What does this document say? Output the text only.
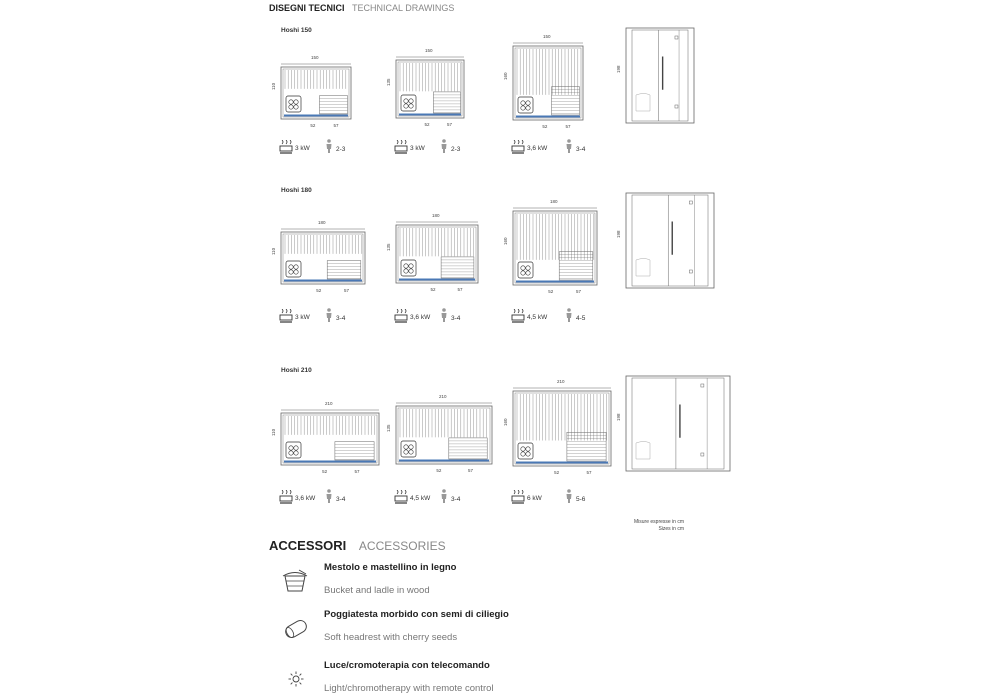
DISEGNI TECNICI TECHNICAL DRAWINGS
Hoshi 150
150
110
52	57
3 kW	2-3
150
135
52	57
3 kW	2-3
150
160
52	57
3,6 kW	3-4
198
Hoshi 180
180
110
52	57
3 kW	3-4
180
135
52	57
3,6 kW	3-4
180
160
52	57
4,5 kW	4-5
198
Hoshi 210
210
110
52	57
3,6 kW	3-4
210
135
52	57
4,5 kW	3-4
210
160
52	57
6 kW	5-6
198
Misure espresse in cm
Sizes in cm
ACCESSORI ACCESSORIES
Mestolo e mastellino in legno
Bucket and ladle in wood
Poggiatesta morbido con semi di ciliegio
Soft headrest with cherry seeds
Luce/cromoterapia con telecomando
Light/chromotherapy with remote control
